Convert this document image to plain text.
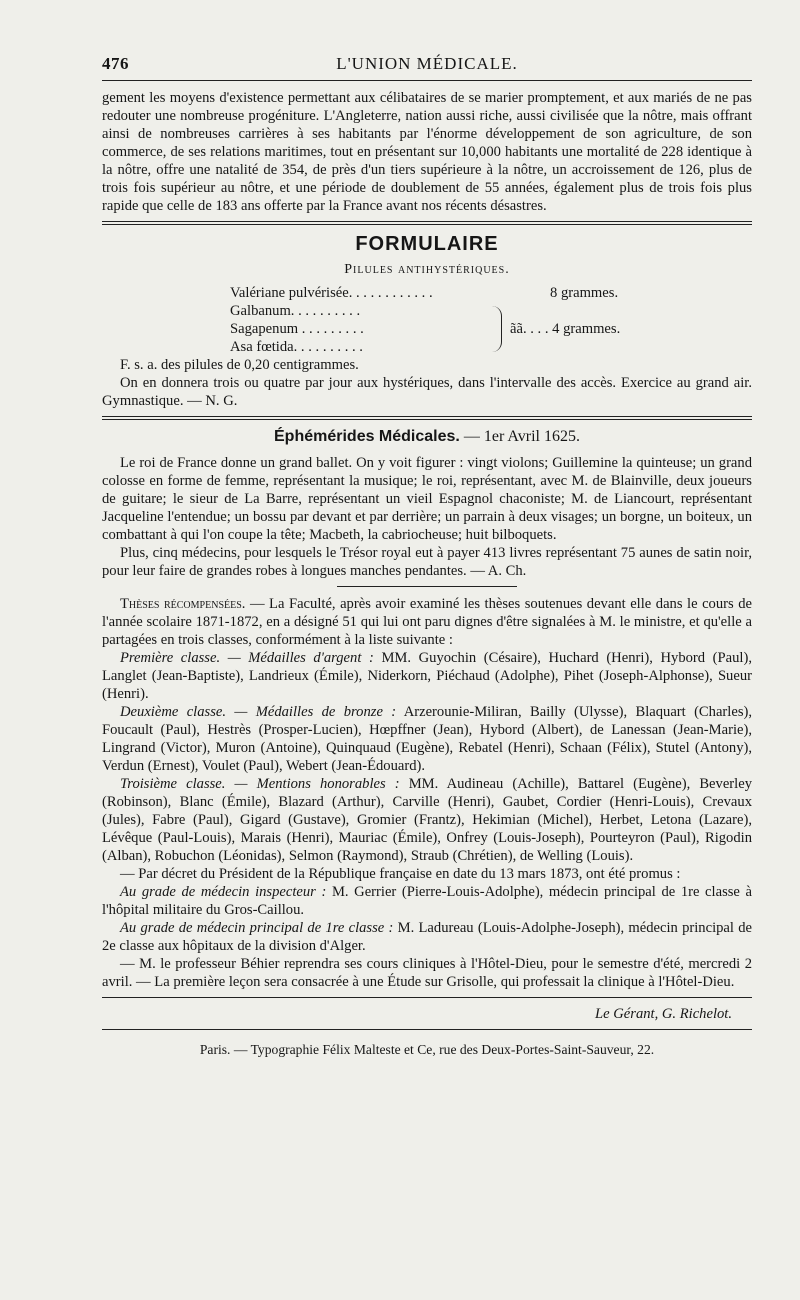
476	L'UNION MÉDICALE.

gement les moyens d'existence permettant aux célibataires de se marier promptement, et aux mariés de ne pas redouter une nombreuse progéniture. L'Angleterre, nation aussi riche, aussi civilisée que la nôtre, mais offrant ainsi de nombreuses carrières à ses habitants par l'énorme développement de son agriculture, de son commerce, de ses relations maritimes, tout en présentant sur 10,000 habitants une mortalité de 228 identique à la nôtre, offre une natalité de 354, de près d'un tiers supérieure à la nôtre, un accroissement de 126, plus de trois fois supérieur au nôtre, et une période de doublement de 55 années, également plus de trois fois plus rapide que celle de 183 ans offerte par la France avant nos récents désastres.

FORMULAIRE
Pilules antihystériques.
Valériane pulvérisée. . . . . . . . . . . .	8 grammes.
Galbanum. . . . . . . . . .
Sagapenum . . . . . . . . .
Asa fœtida. . . . . . . . . .
ãã. . . . 4 grammes.

F. s. a. des pilules de 0,20 centigrammes.

On en donnera trois ou quatre par jour aux hystériques, dans l'intervalle des accès. Exercice au grand air. Gymnastique. — N. G.

Éphémérides Médicales. — 1er Avril 1625.

Le roi de France donne un grand ballet. On y voit figurer : vingt violons; Guillemine la quinteuse; un grand colosse en forme de femme, représentant la musique; le roi, représentant, avec M. de Blainville, deux joueurs de guitare; le sieur de La Barre, représentant un vieil Espagnol chaconiste; M. de Liancourt, représentant Jacqueline l'entendue; un bossu par devant et par derrière; un parrain à deux visages; un borgne, un boiteux, un combattant à qui l'on coupe la tête; Macbeth, la cabriocheuse; huit bilboquets.

Plus, cinq médecins, pour lesquels le Trésor royal eut à payer 413 livres représentant 75 aunes de satin noir, pour leur faire de grandes robes à longues manches pendantes. — A. Ch.

Thèses récompensées. — La Faculté, après avoir examiné les thèses soutenues devant elle dans le cours de l'année scolaire 1871-1872, en a désigné 51 qui lui ont paru dignes d'être signalées à M. le ministre, et qu'elle a partagées en trois classes, conformément à la liste suivante :

Première classe. — Médailles d'argent : MM. Guyochin (Césaire), Huchard (Henri), Hybord (Paul), Langlet (Jean-Baptiste), Landrieux (Émile), Niderkorn, Piéchaud (Adolphe), Pihet (Joseph-Alphonse), Sueur (Henri).

Deuxième classe. — Médailles de bronze : Arzerounie-Miliran, Bailly (Ulysse), Blaquart (Charles), Foucault (Paul), Hestrès (Prosper-Lucien), Hœpffner (Jean), Hybord (Albert), de Lanessan (Jean-Marie), Lingrand (Victor), Muron (Antoine), Quinquaud (Eugène), Rebatel (Henri), Schaan (Félix), Stutel (Antony), Verdun (Ernest), Voulet (Paul), Webert (Jean-Édouard).

Troisième classe. — Mentions honorables : MM. Audineau (Achille), Battarel (Eugène), Beverley (Robinson), Blanc (Émile), Blazard (Arthur), Carville (Henri), Gaubet, Cordier (Henri-Louis), Crevaux (Jules), Fabre (Paul), Gigard (Gustave), Gromier (Frantz), Hekimian (Michel), Herbet, Letona (Lazare), Lévêque (Paul-Louis), Marais (Henri), Mauriac (Émile), Onfrey (Louis-Joseph), Pourteyron (Paul), Rigodin (Alban), Robuchon (Léonidas), Selmon (Raymond), Straub (Chrétien), de Welling (Louis).

— Par décret du Président de la République française en date du 13 mars 1873, ont été promus :

Au grade de médecin inspecteur : M. Gerrier (Pierre-Louis-Adolphe), médecin principal de 1re classe à l'hôpital militaire du Gros-Caillou.

Au grade de médecin principal de 1re classe : M. Ladureau (Louis-Adolphe-Joseph), médecin principal de 2e classe aux hôpitaux de la division d'Alger.

— M. le professeur Béhier reprendra ses cours cliniques à l'Hôtel-Dieu, pour le semestre d'été, mercredi 2 avril. — La première leçon sera consacrée à une Étude sur Grisolle, qui professait la clinique à l'Hôtel-Dieu.

Le Gérant, G. Richelot.
Paris. — Typographie Félix Malteste et Ce, rue des Deux-Portes-Saint-Sauveur, 22.
